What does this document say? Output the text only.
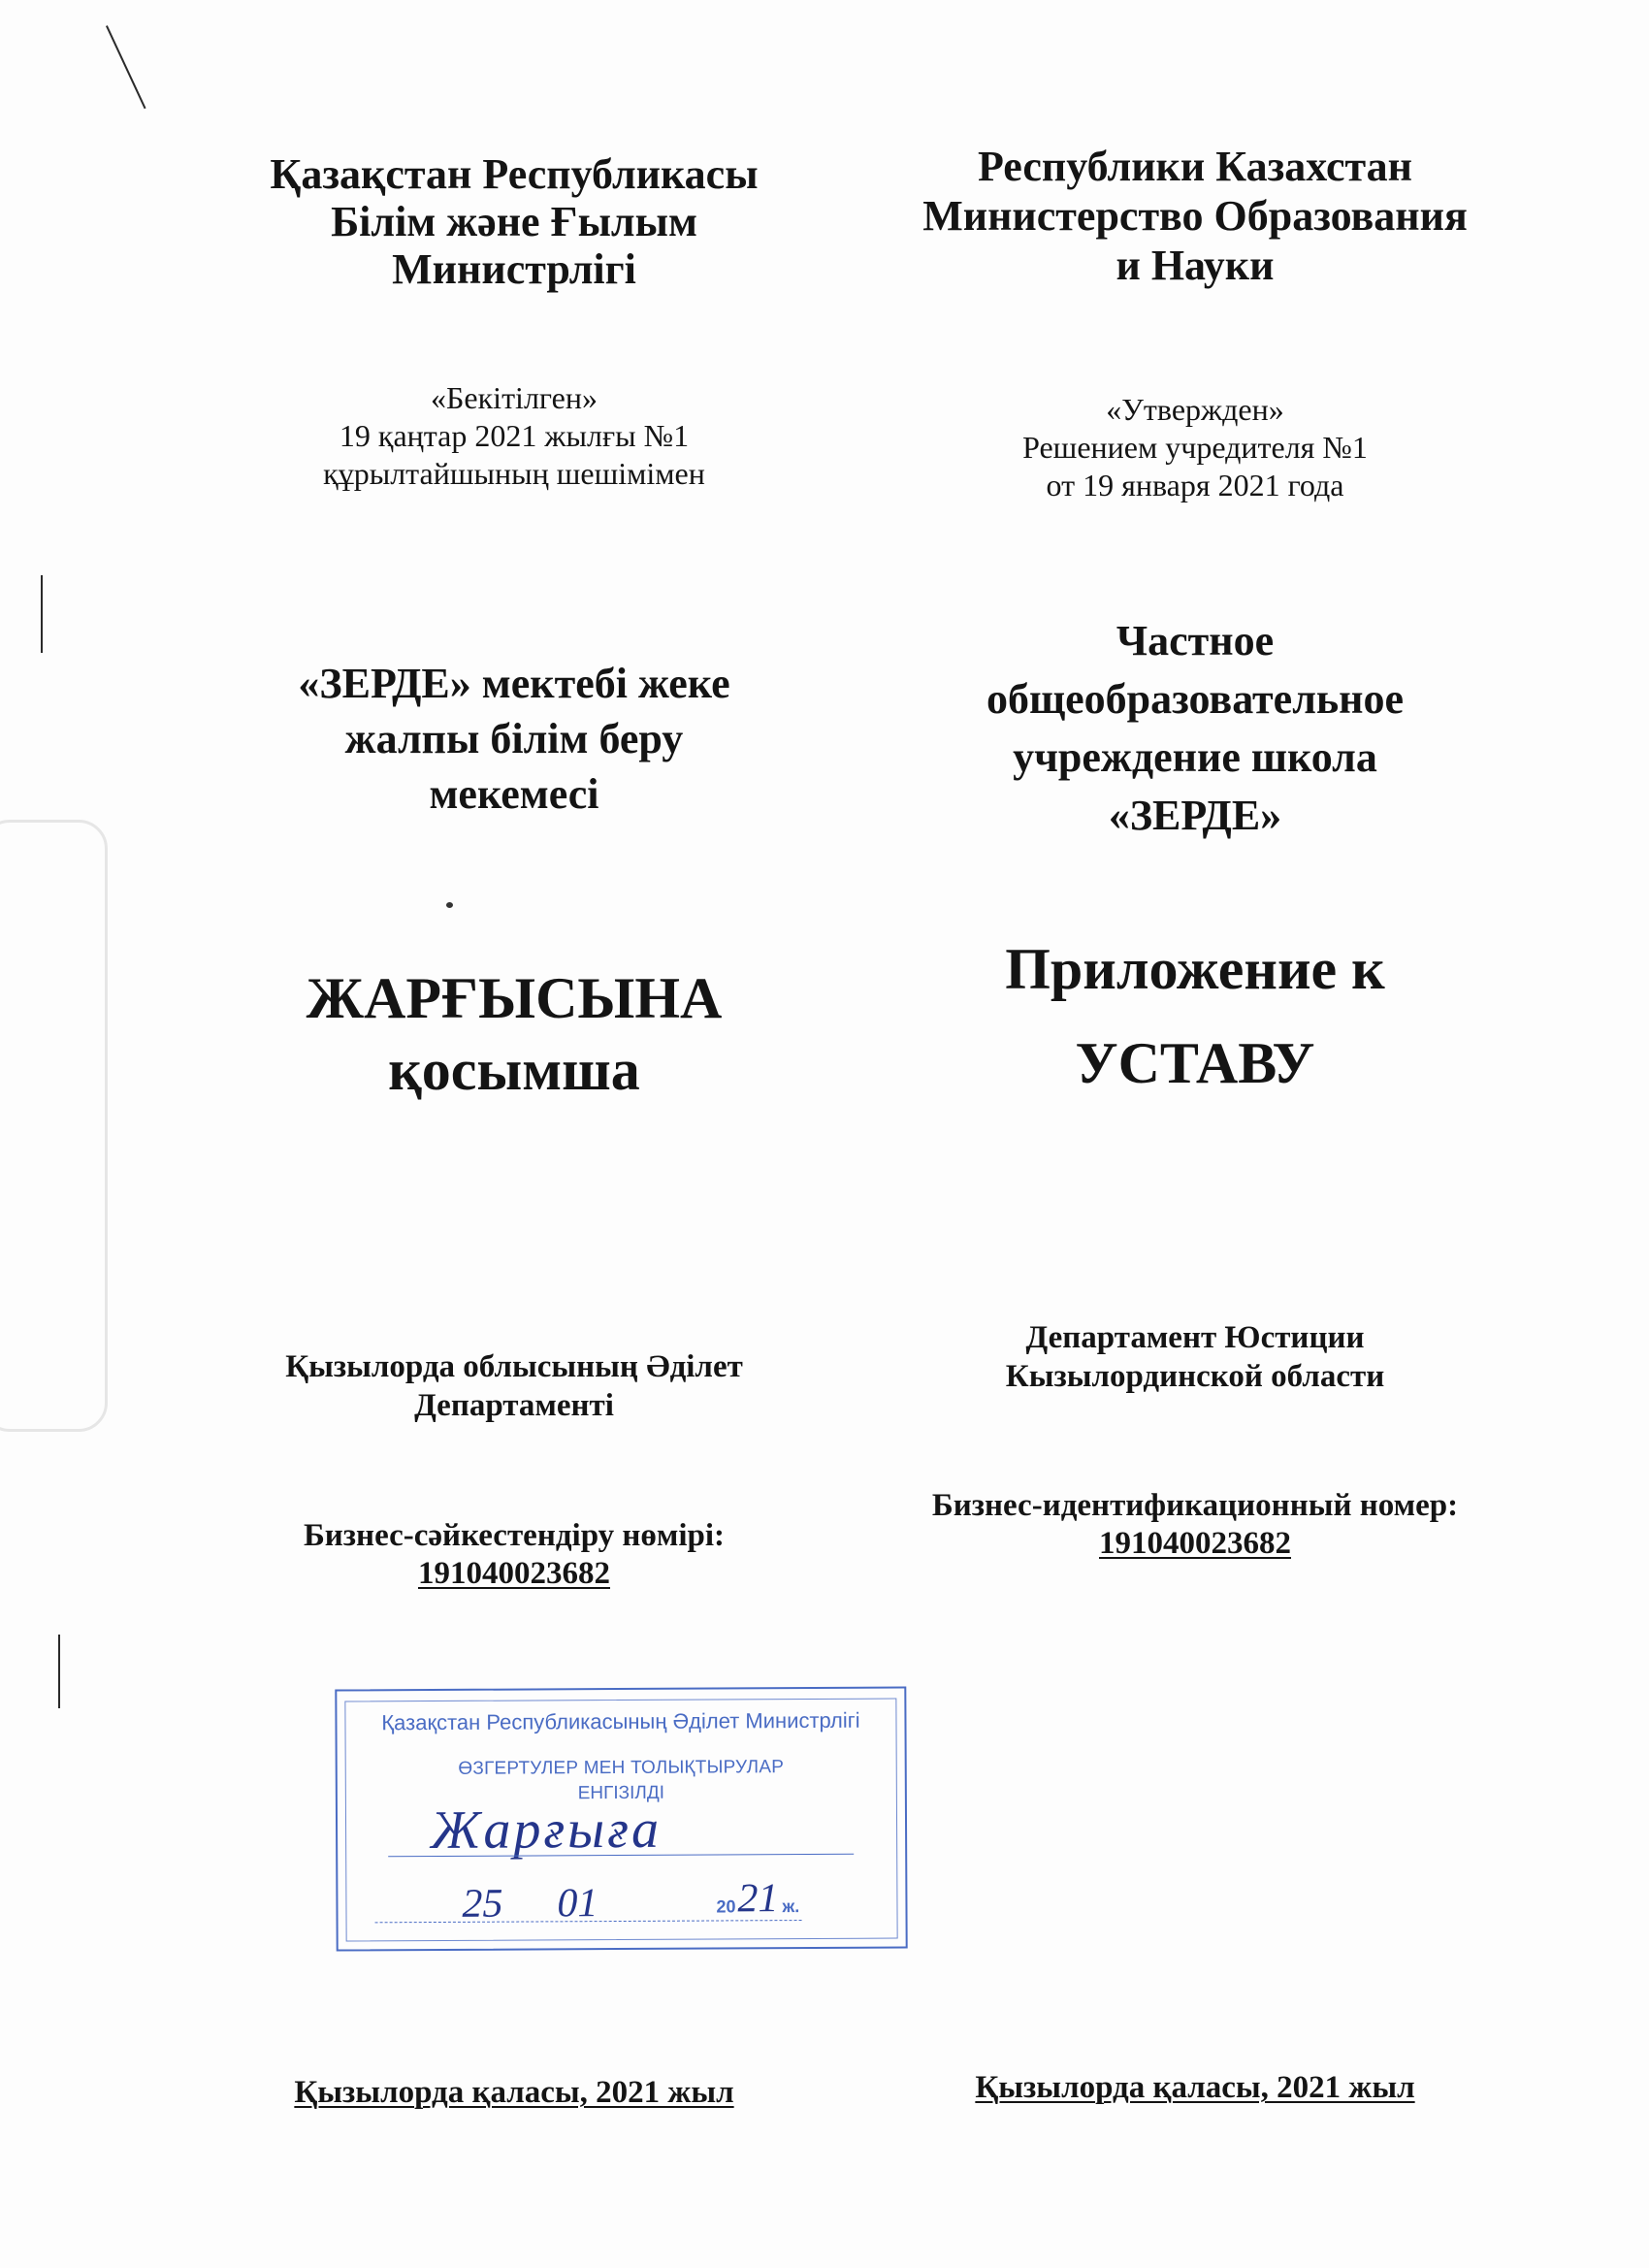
Қазақстан Республикасы
Білім және Ғылым
Министрлігі
«Бекітілген»
19 қаңтар 2021 жылғы №1
құрылтайшының шешімімен
«ЗЕРДЕ» мектебі жеке
жалпы білім беру
мекемесі
ЖАРҒЫСЫНА
қосымша
Қызылорда облысының Әділет
Департаменті
Бизнес-сәйкестендіру нөмірі:
191040023682
Қызылорда қаласы, 2021 жыл
Республики Казахстан
Министерство Образования
и Науки
«Утвержден»
Решением учредителя №1
от 19 января 2021 года
Частное
общеобразовательное
учреждение школа
«ЗЕРДЕ»
Приложение к
УСТАВУ
Департамент Юстиции
Кызылординской области
Бизнес-идентификационный номер:
191040023682
Қызылорда қаласы, 2021 жыл
Қазақстан Республикасының Әділет Министрлігі
ӨЗГЕРТУЛЕР МЕН ТОЛЫҚТЫРУЛАР
ЕНГІЗІЛДІ
Жарғыға
25 01	20 21 ж.
